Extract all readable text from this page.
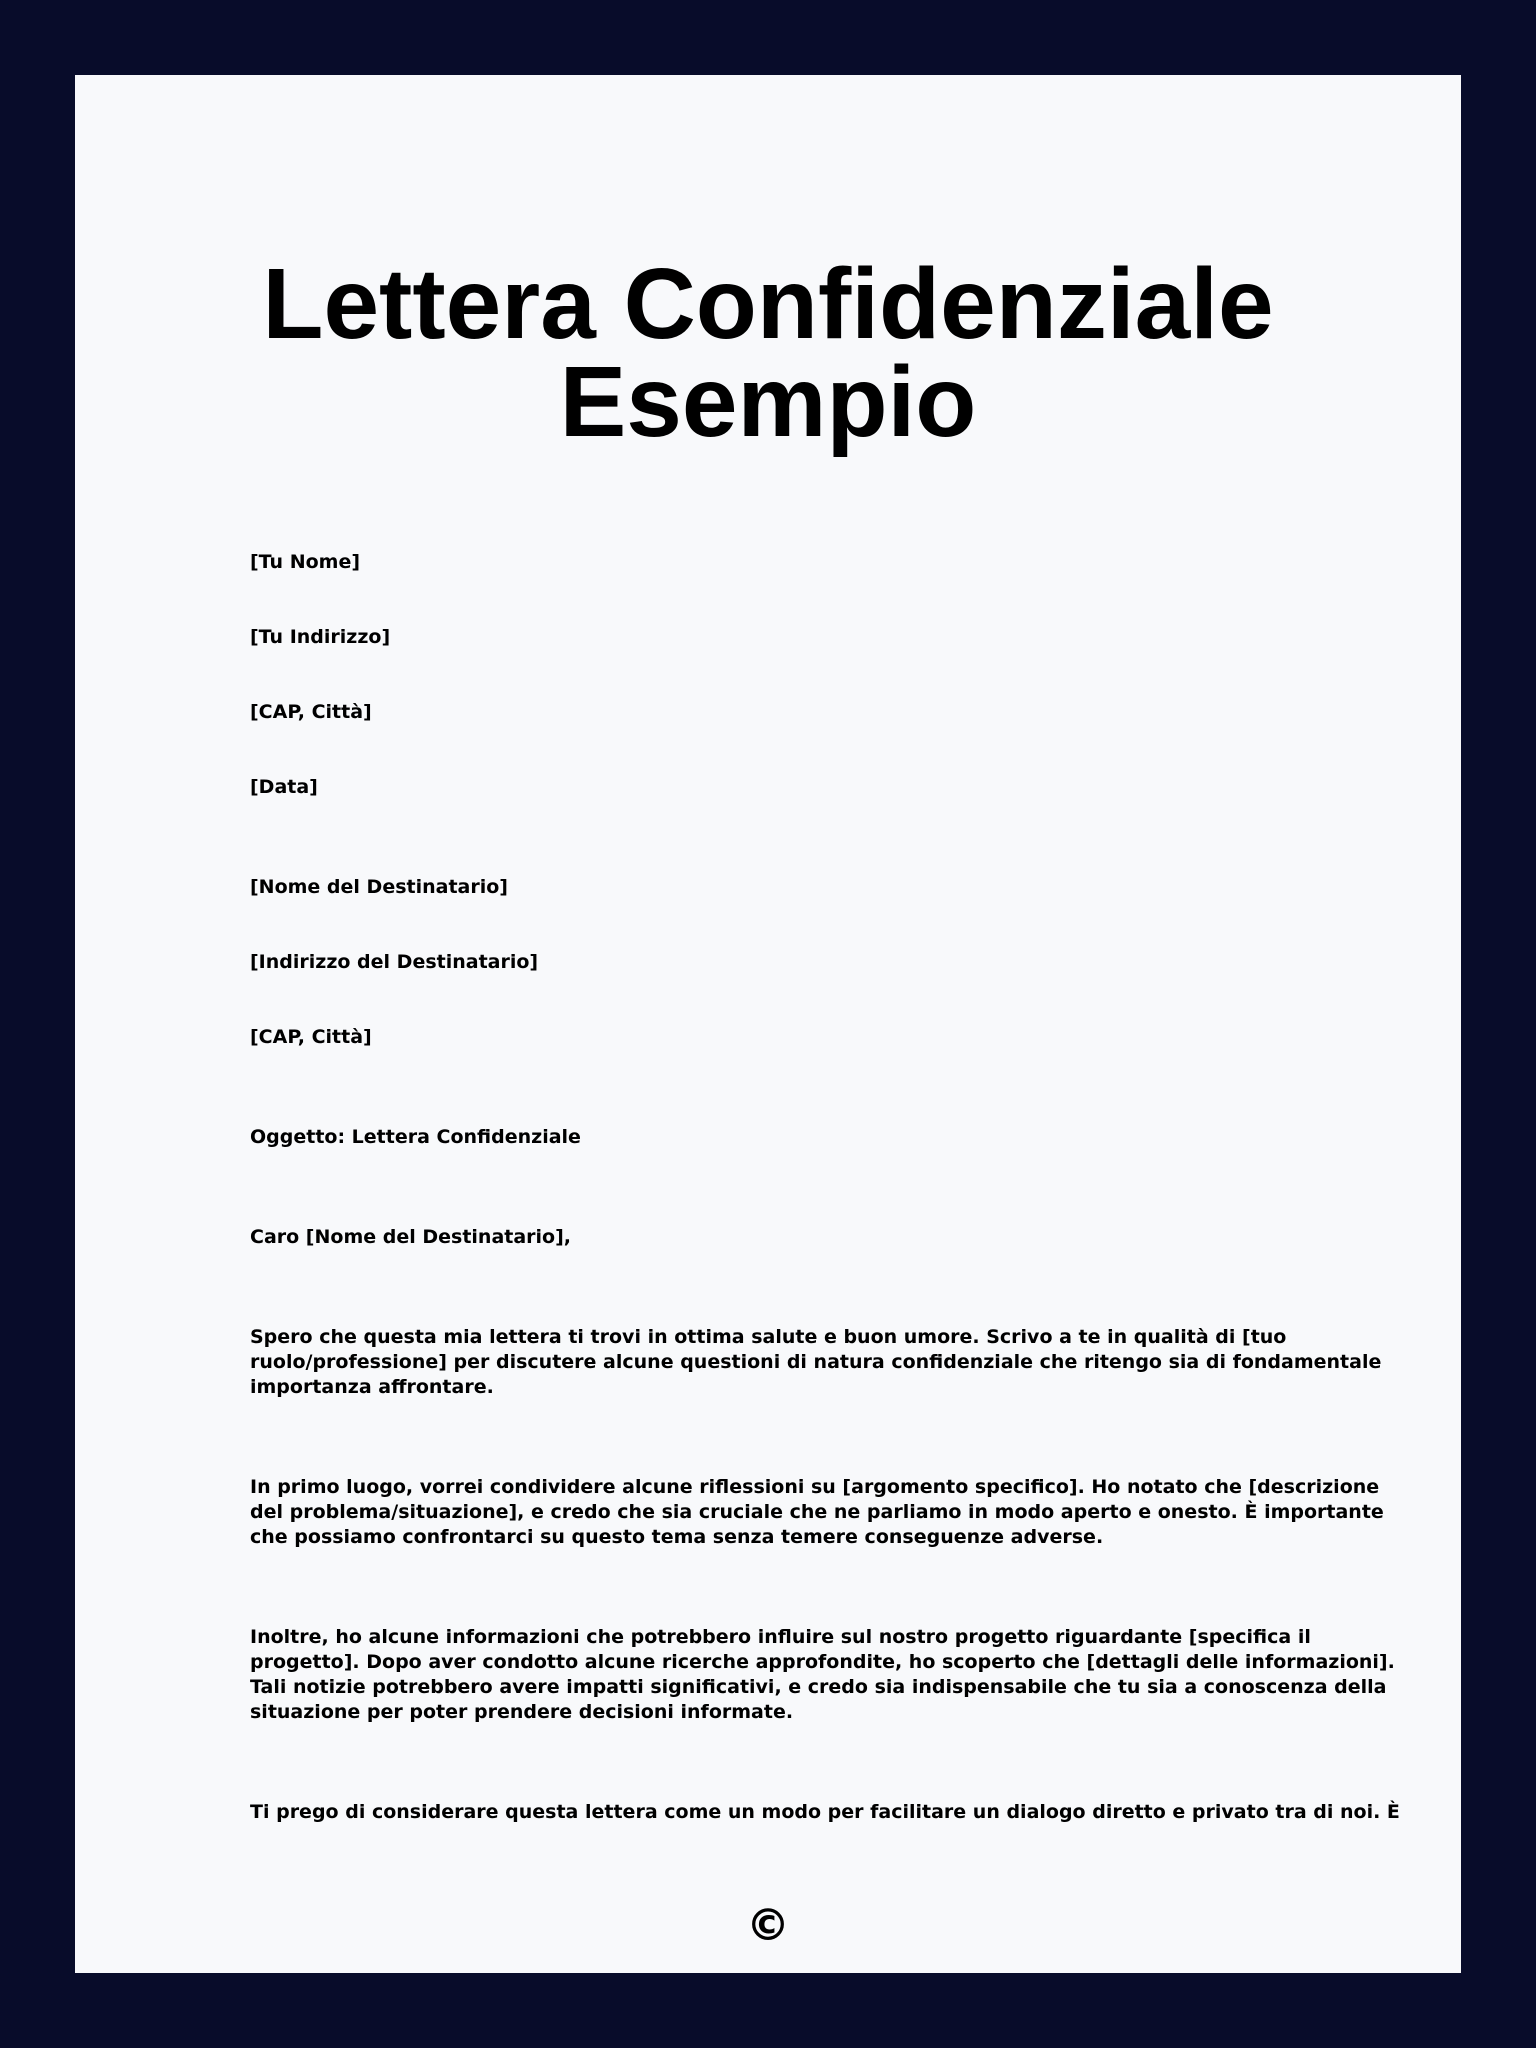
Lettera Confidenziale
Esempio

[Tu Nome]

[Tu Indirizzo]

[CAP, Città]

[Data]

[Nome del Destinatario]

[Indirizzo del Destinatario]

[CAP, Città]

Oggetto: Lettera Confidenziale

Caro [Nome del Destinatario],

Spero che questa mia lettera ti trovi in ottima salute e buon umore. Scrivo a te in qualità di [tuo
ruolo/professione] per discutere alcune questioni di natura confidenziale che ritengo sia di fondamentale
importanza affrontare.
In primo luogo, vorrei condividere alcune riflessioni su [argomento specifico]. Ho notato che [descrizione
del problema/situazione], e credo che sia cruciale che ne parliamo in modo aperto e onesto. È importante
che possiamo confrontarci su questo tema senza temere conseguenze adverse.
Inoltre, ho alcune informazioni che potrebbero influire sul nostro progetto riguardante [specifica il
progetto]. Dopo aver condotto alcune ricerche approfondite, ho scoperto che [dettagli delle informazioni].
Tali notizie potrebbero avere impatti significativi, e credo sia indispensabile che tu sia a conoscenza della
situazione per poter prendere decisioni informate.
Ti prego di considerare questa lettera come un modo per facilitare un dialogo diretto e privato tra di noi. È
©
